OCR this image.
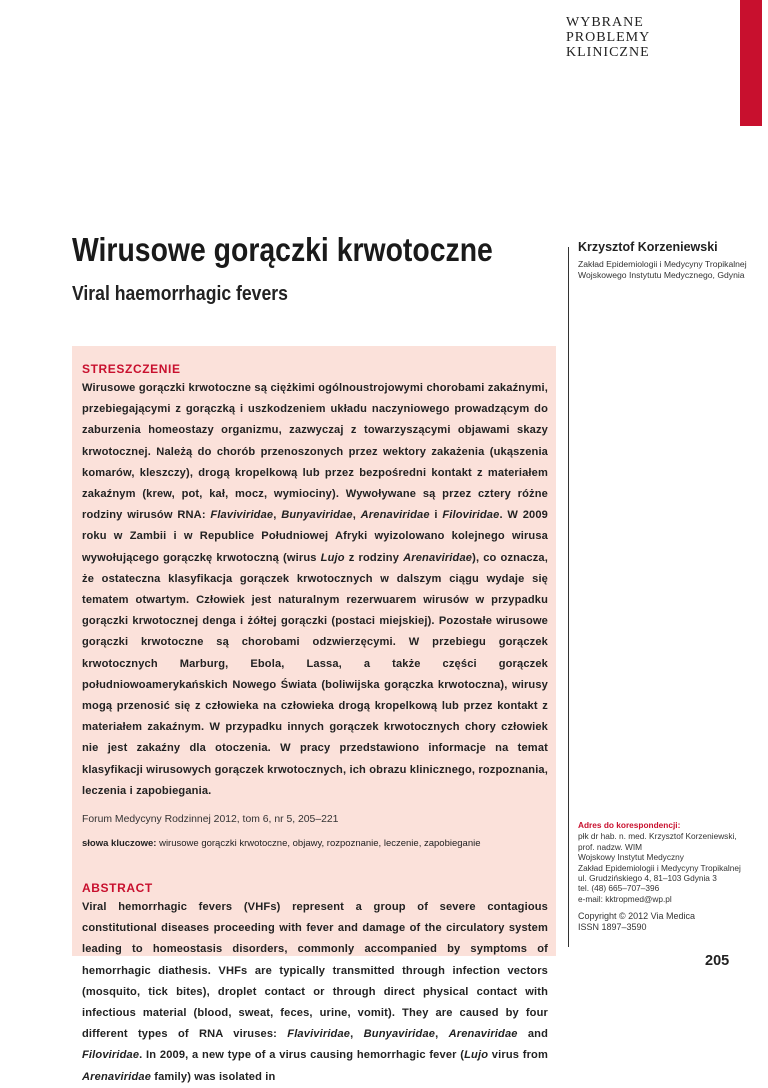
WYBRANE
PROBLEMY
KLINICZNE
Wirusowe gorączki krwotoczne
Viral haemorrhagic fevers
Krzysztof Korzeniewski
Zakład Epidemiologii i Medycyny Tropikalnej
Wojskowego Instytutu Medycznego, Gdynia
STRESZCZENIE
Wirusowe gorączki krwotoczne są ciężkimi ogólnoustrojowymi chorobami zakaźnymi, przebiegającymi z gorączką i uszkodzeniem układu naczyniowego prowadzącym do zaburzenia homeostazy organizmu, zazwyczaj z towarzyszącymi objawami skazy krwotocznej. Należą do chorób przenoszonych przez wektory zakażenia (ukąszenia komarów, kleszczy), drogą kropelkową lub przez bezpośredni kontakt z materiałem zakaźnym (krew, pot, kał, mocz, wymiociny). Wywoływane są przez cztery różne rodziny wirusów RNA: Flaviviridae, Bunyaviridae, Arenaviridae i Filoviridae. W 2009 roku w Zambii i w Republice Południowej Afryki wyizolowano kolejnego wirusa wywołującego gorączkę krwotoczną (wirus Lujo z rodziny Arenaviridae), co oznacza, że ostateczna klasyfikacja gorączek krwotocznych w dalszym ciągu wydaje się tematem otwartym. Człowiek jest naturalnym rezerwuarem wirusów w przypadku gorączki krwotocznej denga i żółtej gorączki (postaci miejskiej). Pozostałe wirusowe gorączki krwotoczne są chorobami odzwierzęcymi. W przebiegu gorączek krwotocznych Marburg, Ebola, Lassa, a także części gorączek południowoamerykańskich Nowego Świata (boliwijska gorączka krwotoczna), wirusy mogą przenosić się z człowieka na człowieka drogą kropelkową lub przez kontakt z materiałem zakaźnym. W przypadku innych gorączek krwotocznych chory człowiek nie jest zakaźny dla otoczenia. W pracy przedstawiono informacje na temat klasyfikacji wirusowych gorączek krwotocznych, ich obrazu klinicznego, rozpoznania, leczenia i zapobiegania.
Forum Medycyny Rodzinnej 2012, tom 6, nr 5, 205–221
słowa kluczowe: wirusowe gorączki krwotoczne, objawy, rozpoznanie, leczenie, zapobieganie
ABSTRACT
Viral hemorrhagic fevers (VHFs) represent a group of severe contagious constitutional diseases proceeding with fever and damage of the circulatory system leading to homeostasis disorders, commonly accompanied by symptoms of hemorrhagic diathesis. VHFs are typically transmitted through infection vectors (mosquito, tick bites), droplet contact or through direct physical contact with infectious material (blood, sweat, feces, urine, vomit). They are caused by four different types of RNA viruses: Flaviviridae, Bunyaviridae, Arenaviridae and Filoviridae. In 2009, a new type of a virus causing hemorrhagic fever (Lujo virus from Arenaviridae family) was isolated in
Adres do korespondencji:
płk dr hab. n. med. Krzysztof Korzeniewski,
prof. nadzw. WIM
Wojskowy Instytut Medyczny
Zakład Epidemiologii i Medycyny Tropikalnej
ul. Grudzińskiego 4, 81–103 Gdynia 3
tel. (48) 665–707–396
e-mail: kktropmed@wp.pl
Copyright © 2012 Via Medica
ISSN 1897–3590
205
